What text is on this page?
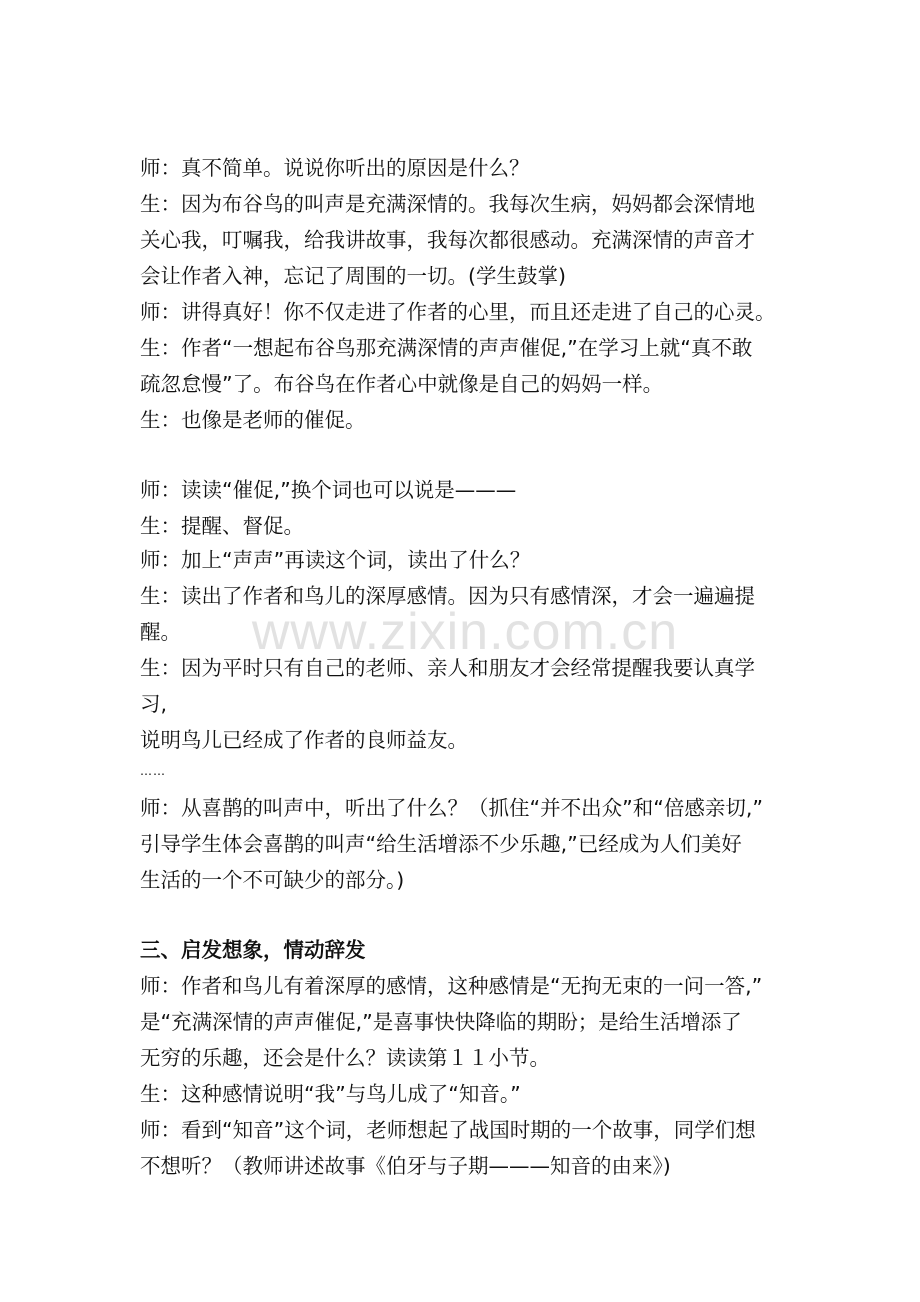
www.zixin.com.cn
师：真不简单。说说你听出的原因是什么？
生：因为布谷鸟的叫声是充满深情的。我每次生病，妈妈都会深情地
关心我，叮嘱我，给我讲故事，我每次都很感动。充满深情的声音才
会让作者入神，忘记了周围的一切。(学生鼓掌)
师：讲得真好！你不仅走进了作者的心里，而且还走进了自己的心灵。
生：作者“一想起布谷鸟那充满深情的声声催促,”在学习上就“真不敢
疏忽怠慢”了。布谷鸟在作者心中就像是自己的妈妈一样。
生：也像是老师的催促。
师：读读“催促,”换个词也可以说是———
生：提醒、督促。
师：加上“声声”再读这个词，读出了什么？
生：读出了作者和鸟儿的深厚感情。因为只有感情深，才会一遍遍提
醒。
生：因为平时只有自己的老师、亲人和朋友才会经常提醒我要认真学
习,
说明鸟儿已经成了作者的良师益友。
……
师：从喜鹊的叫声中，听出了什么？（抓住“并不出众”和“倍感亲切,”
引导学生体会喜鹊的叫声“给生活增添不少乐趣,”已经成为人们美好
生活的一个不可缺少的部分。)
三、启发想象，情动辞发
师：作者和鸟儿有着深厚的感情，这种感情是“无拘无束的一问一答,”
是“充满深情的声声催促,”是喜事快快降临的期盼；是给生活增添了
无穷的乐趣，还会是什么？读读第１１小节。
生：这种感情说明“我”与鸟儿成了“知音。”
师：看到“知音”这个词，老师想起了战国时期的一个故事，同学们想
不想听？（教师讲述故事《伯牙与子期———知音的由来》)
